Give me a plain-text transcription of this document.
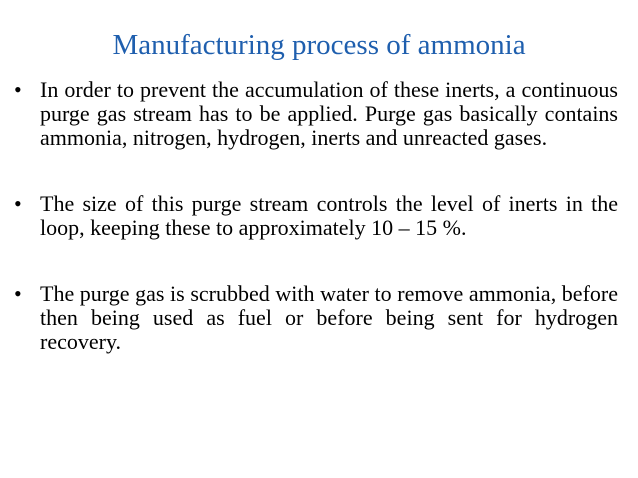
Manufacturing process of ammonia
• In order to prevent the accumulation of these inerts, a continuous purge gas stream has to be applied. Purge gas basically contains ammonia, nitrogen, hydrogen, inerts and unreacted gases.
• The size of this purge stream controls the level of inerts in the loop, keeping these to approximately 10 – 15 %.
• The purge gas is scrubbed with water to remove ammonia, before then being used as fuel or before being sent for hydrogen recovery.
